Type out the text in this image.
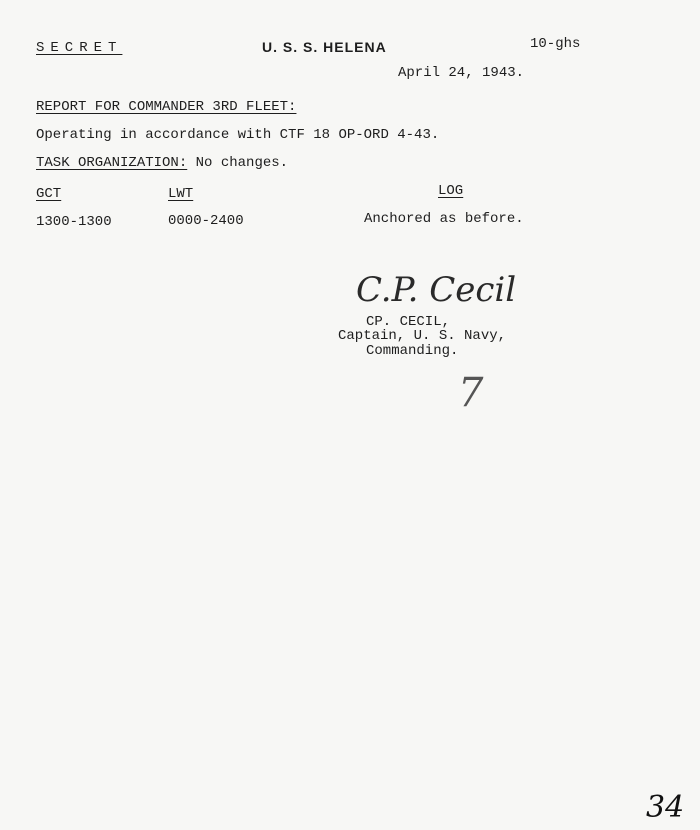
SECRET	U. S. S. HELENA	10-ghs
April 24, 1943.
REPORT FOR COMMANDER 3RD FLEET:
Operating in accordance with CTF 18 OP-ORD 4-43.
TASK ORGANIZATION: No changes.
GCT	LWT	LOG
1300-1300	0000-2400	Anchored as before.
C.P. Cecil
CP. CECIL,
Captain, U. S. Navy,
Commanding.
7
34
